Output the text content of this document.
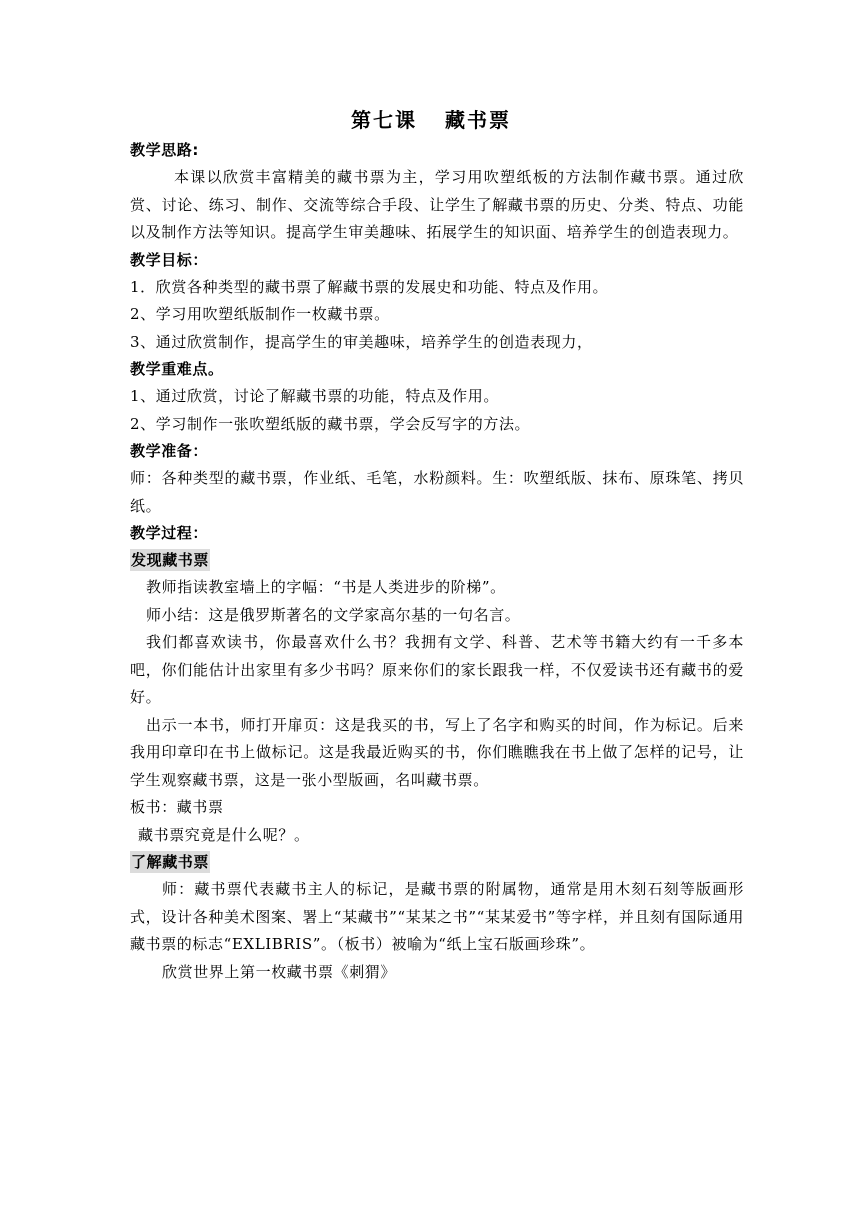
第七课 藏书票
教学思路:
本课以欣赏丰富精美的藏书票为主，学习用吹塑纸板的方法制作藏书票。通过欣赏、讨论、练习、制作、交流等综合手段、让学生了解藏书票的历史、分类、特点、功能以及制作方法等知识。提高学生审美趣味、拓展学生的知识面、培养学生的创造表现力。
教学目标：
1．欣赏各种类型的藏书票了解藏书票的发展史和功能、特点及作用。
2、学习用吹塑纸版制作一枚藏书票。
3、通过欣赏制作，提高学生的审美趣味，培养学生的创造表现力，
教学重难点。
1、通过欣赏，讨论了解藏书票的功能，特点及作用。
2、学习制作一张吹塑纸版的藏书票，学会反写字的方法。
教学准备：
师：各种类型的藏书票，作业纸、毛笔，水粉颜料。生：吹塑纸版、抹布、原珠笔、拷贝纸。
教学过程：
发现藏书票
教师指读教室墙上的字幅：“书是人类进步的阶梯”。
师小结：这是俄罗斯著名的文学家高尔基的一句名言。
我们都喜欢读书，你最喜欢什么书？我拥有文学、科普、艺术等书籍大约有一千多本吧，你们能估计出家里有多少书吗？原来你们的家长跟我一样，不仅爱读书还有藏书的爱好。
出示一本书，师打开扉页：这是我买的书，写上了名字和购买的时间，作为标记。后来我用印章印在书上做标记。这是我最近购买的书，你们瞧瞧我在书上做了怎样的记号，让学生观察藏书票，这是一张小型版画，名叫藏书票。
板书：藏书票
藏书票究竟是什么呢？。
了解藏书票
师：藏书票代表藏书主人的标记，是藏书票的附属物，通常是用木刻石刻等版画形式，设计各种美术图案、署上“某藏书”“某某之书”“某某爱书”等字样，并且刻有国际通用藏书票的标志“EXLIBRIS”。（板书）被喻为“纸上宝石版画珍珠”。
欣赏世界上第一枚藏书票《刺猬》
